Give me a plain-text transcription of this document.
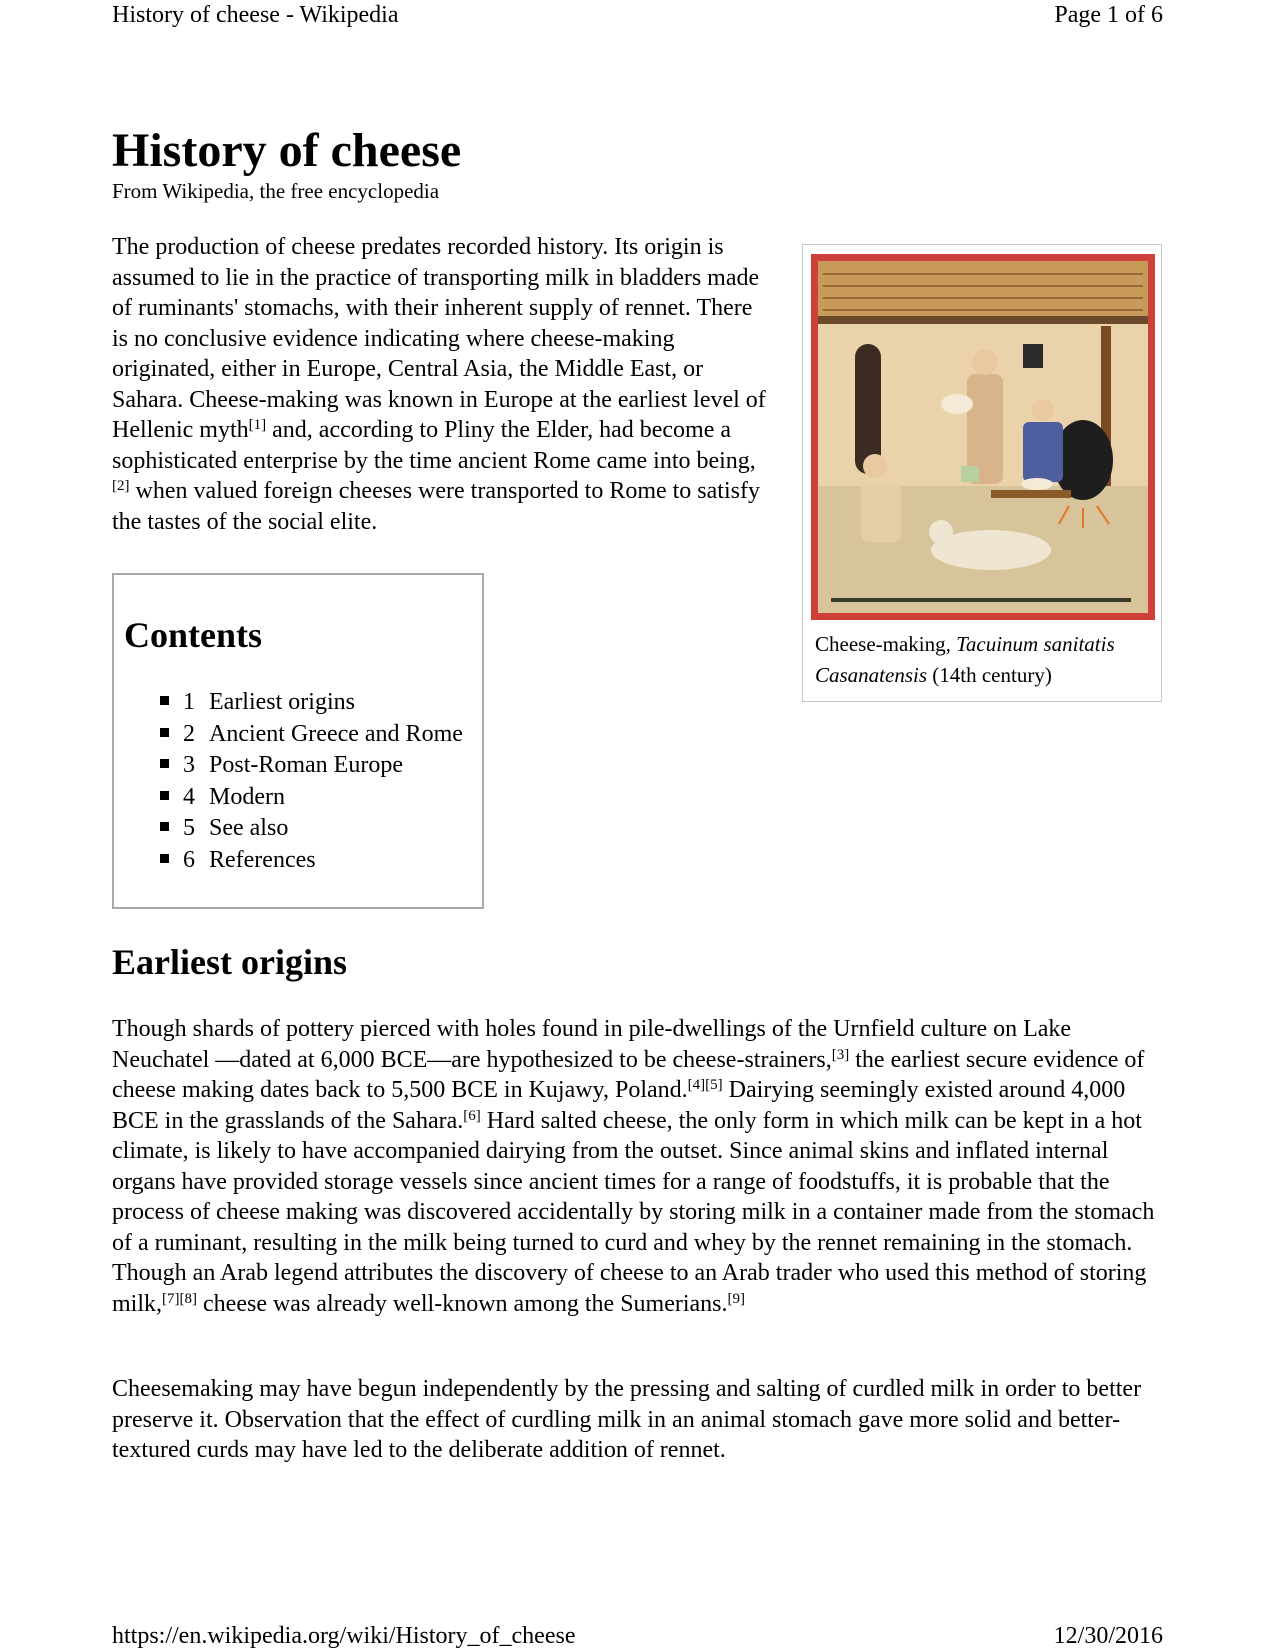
History of cheese - Wikipedia	Page 1 of 6
History of cheese
From Wikipedia, the free encyclopedia

The production of cheese predates recorded history. Its origin is assumed to lie in the practice of transporting milk in bladders made of ruminants' stomachs, with their inherent supply of rennet. There is no conclusive evidence indicating where cheese-making originated, either in Europe, Central Asia, the Middle East, or Sahara. Cheese-making was known in Europe at the earliest level of Hellenic myth[1] and, according to Pliny the Elder, had become a sophisticated enterprise by the time ancient Rome came into being,[2] when valued foreign cheeses were transported to Rome to satisfy the tastes of the social elite.

Cheese-making, Tacuinum sanitatis Casanatensis (14th century)
Contents
1 Earliest origins
2 Ancient Greece and Rome
3 Post-Roman Europe
4 Modern
5 See also
6 References
Earliest origins

Though shards of pottery pierced with holes found in pile-dwellings of the Urnfield culture on Lake Neuchatel —dated at 6,000 BCE—are hypothesized to be cheese-strainers,[3] the earliest secure evidence of cheese making dates back to 5,500 BCE in Kujawy, Poland.[4][5] Dairying seemingly existed around 4,000 BCE in the grasslands of the Sahara.[6] Hard salted cheese, the only form in which milk can be kept in a hot climate, is likely to have accompanied dairying from the outset. Since animal skins and inflated internal organs have provided storage vessels since ancient times for a range of foodstuffs, it is probable that the process of cheese making was discovered accidentally by storing milk in a container made from the stomach of a ruminant, resulting in the milk being turned to curd and whey by the rennet remaining in the stomach. Though an Arab legend attributes the discovery of cheese to an Arab trader who used this method of storing milk,[7][8] cheese was already well-known among the Sumerians.[9]

Cheesemaking may have begun independently by the pressing and salting of curdled milk in order to better preserve it. Observation that the effect of curdling milk in an animal stomach gave more solid and better-textured curds may have led to the deliberate addition of rennet.

https://en.wikipedia.org/wiki/History_of_cheese	12/30/2016
